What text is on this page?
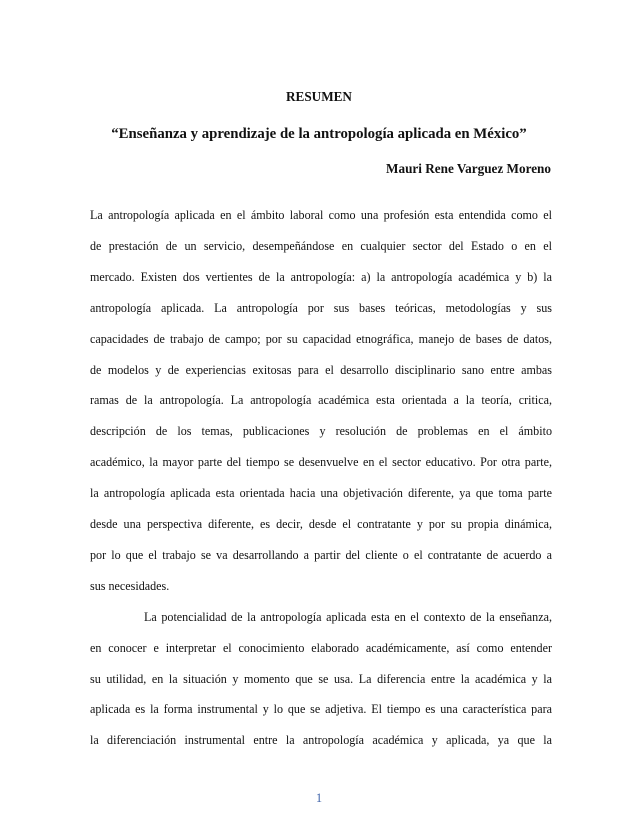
RESUMEN
“Enseñanza y aprendizaje de la antropología aplicada en México”
Mauri Rene Varguez Moreno
La antropología aplicada en el ámbito laboral como una profesión esta entendida como el
de prestación de un servicio, desempeñándose en cualquier sector del Estado o en el
mercado. Existen dos vertientes de la antropología: a) la antropología académica y b) la
antropología aplicada. La antropología por sus bases teóricas, metodologías y sus
capacidades de trabajo de campo; por su capacidad etnográfica, manejo de bases de datos,
de modelos y de experiencias exitosas para el desarrollo disciplinario sano entre ambas
ramas de la antropología. La antropología académica esta orientada a la teoría, critica,
descripción de los temas, publicaciones y resolución de problemas en el ámbito
académico, la mayor parte del tiempo se desenvuelve en el sector educativo. Por otra parte,
la antropología aplicada esta orientada hacia una objetivación diferente, ya que toma parte
desde una perspectiva diferente, es decir, desde el contratante y por su propia dinámica,
por lo que el trabajo se va desarrollando a partir del cliente o el contratante de acuerdo a
sus necesidades.
La potencialidad de la antropología aplicada esta en el contexto de la enseñanza,
en conocer e interpretar el conocimiento elaborado académicamente, así como entender
su utilidad, en la situación y momento que se usa. La diferencia entre la académica y la
aplicada es la forma instrumental y lo que se adjetiva. El tiempo es una característica para
la diferenciación instrumental entre la antropología académica y aplicada, ya que la
1
